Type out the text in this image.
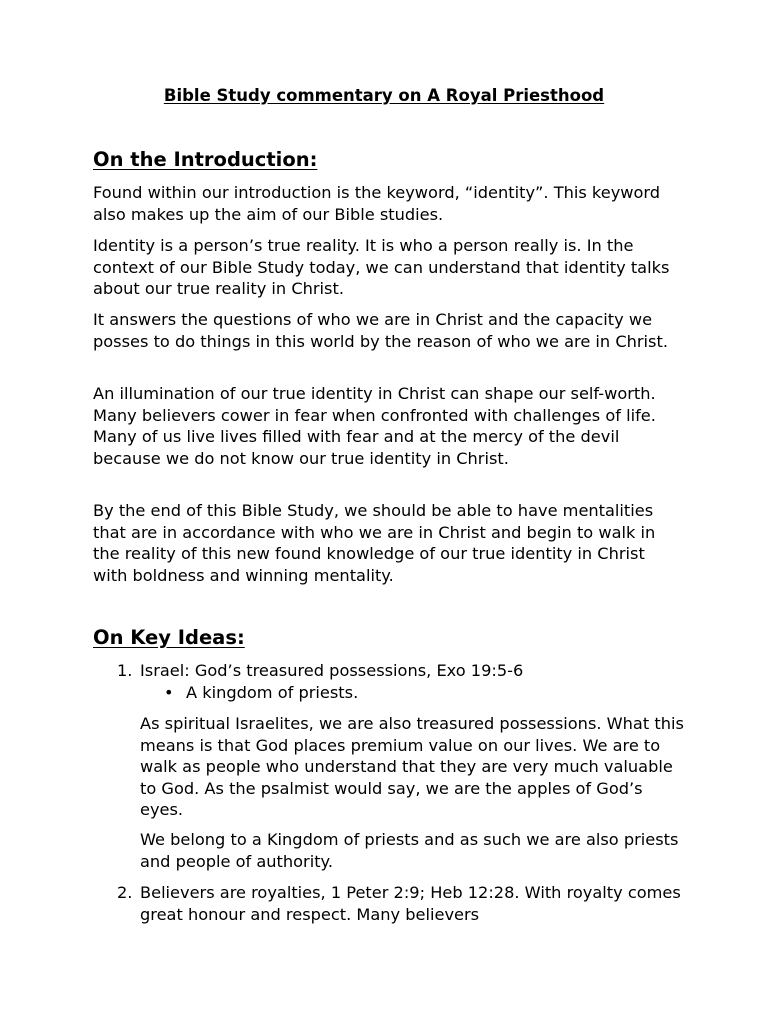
Bible Study commentary on A Royal Priesthood
On the Introduction:

Found within our introduction is the keyword, “identity”. This keyword also makes up the aim of our Bible studies.

Identity is a person’s true reality. It is who a person really is. In the context of our Bible Study today, we can understand that identity talks about our true reality in Christ.

It answers the questions of who we are in Christ and the capacity we posses to do things in this world by the reason of who we are in Christ.

An illumination of our true identity in Christ can shape our self-worth. Many believers cower in fear when confronted with challenges of life. Many of us live lives filled with fear and at the mercy of the devil because we do not know our true identity in Christ.

By the end of this Bible Study, we should be able to have mentalities that are in accordance with who we are in Christ and begin to walk in the reality of this new found knowledge of our true identity in Christ with boldness and winning mentality.

On Key Ideas:
1. Israel: God’s treasured possessions, Exo 19:5-6

• A kingdom of priests.

As spiritual Israelites, we are also treasured possessions. What this means is that God places premium value on our lives. We are to walk as people who understand that they are very much valuable to God. As the psalmist would say, we are the apples of God’s eyes.

We belong to a Kingdom of priests and as such we are also priests and people of authority.

2. Believers are royalties, 1 Peter 2:9; Heb 12:28. With royalty comes great honour and respect. Many believers
